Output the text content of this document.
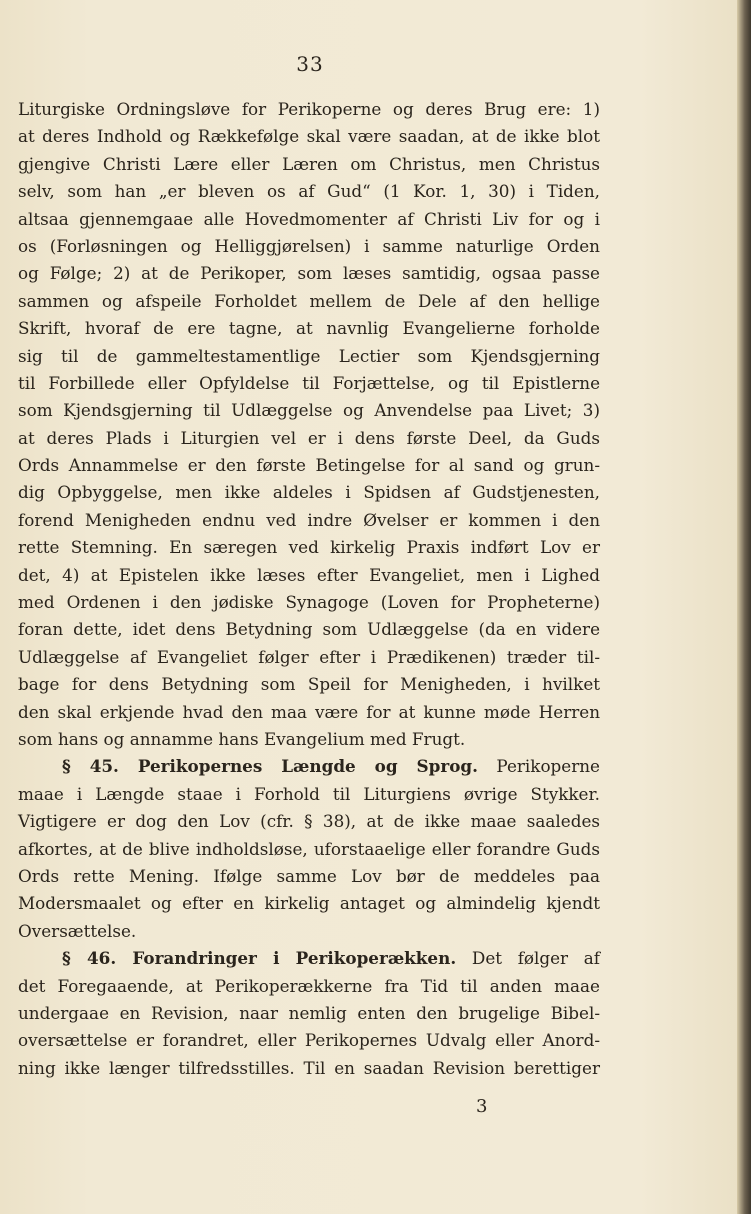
33
Liturgiske Ordningsløve for Perikoperne og deres Brug ere: 1)
at deres Indhold og Rækkefølge skal være saadan, at de ikke blot
gjengive Christi Lære eller Læren om Christus, men Christus
selv, som han „er bleven os af Gud“ (1 Kor. 1, 30) i Tiden,
altsaa gjennemgaae alle Hovedmomenter af Christi Liv for og i
os (Forløsningen og Helliggjørelsen) i samme naturlige Orden
og Følge; 2) at de Perikoper, som læses samtidig, ogsaa passe
sammen og afspeile Forholdet mellem de Dele af den hellige
Skrift, hvoraf de ere tagne, at navnlig Evangelierne forholde
sig til de gammeltestamentlige Lectier som Kjendsgjerning
til Forbillede eller Opfyldelse til Forjættelse, og til Epistlerne
som Kjendsgjerning til Udlæggelse og Anvendelse paa Livet; 3)
at deres Plads i Liturgien vel er i dens første Deel, da Guds
Ords Annammelse er den første Betingelse for al sand og grun-
dig Opbyggelse, men ikke aldeles i Spidsen af Gudstjenesten,
forend Menigheden endnu ved indre Øvelser er kommen i den
rette Stemning. En særegen ved kirkelig Praxis indført Lov er
det, 4) at Epistelen ikke læses efter Evangeliet, men i Lighed
med Ordenen i den jødiske Synagoge (Loven for Propheterne)
foran dette, idet dens Betydning som Udlæggelse (da en videre
Udlæggelse af Evangeliet følger efter i Prædikenen) træder til-
bage for dens Betydning som Speil for Menigheden, i hvilket
den skal erkjende hvad den maa være for at kunne møde Herren
som hans og annamme hans Evangelium med Frugt.
§ 45. Perikopernes Længde og Sprog. Perikoperne
maae i Længde staae i Forhold til Liturgiens øvrige Stykker.
Vigtigere er dog den Lov (cfr. § 38), at de ikke maae saaledes
afkortes, at de blive indholdsløse, uforstaaelige eller forandre Guds
Ords rette Mening. Ifølge samme Lov bør de meddeles paa
Modersmaalet og efter en kirkelig antaget og almindelig kjendt
Oversættelse.
§ 46. Forandringer i Perikoperækken. Det følger af
det Foregaaende, at Perikoperækkerne fra Tid til anden maae
undergaae en Revision, naar nemlig enten den brugelige Bibel-
oversættelse er forandret, eller Perikopernes Udvalg eller Anord-
ning ikke længer tilfredsstilles. Til en saadan Revision berettiger
3
